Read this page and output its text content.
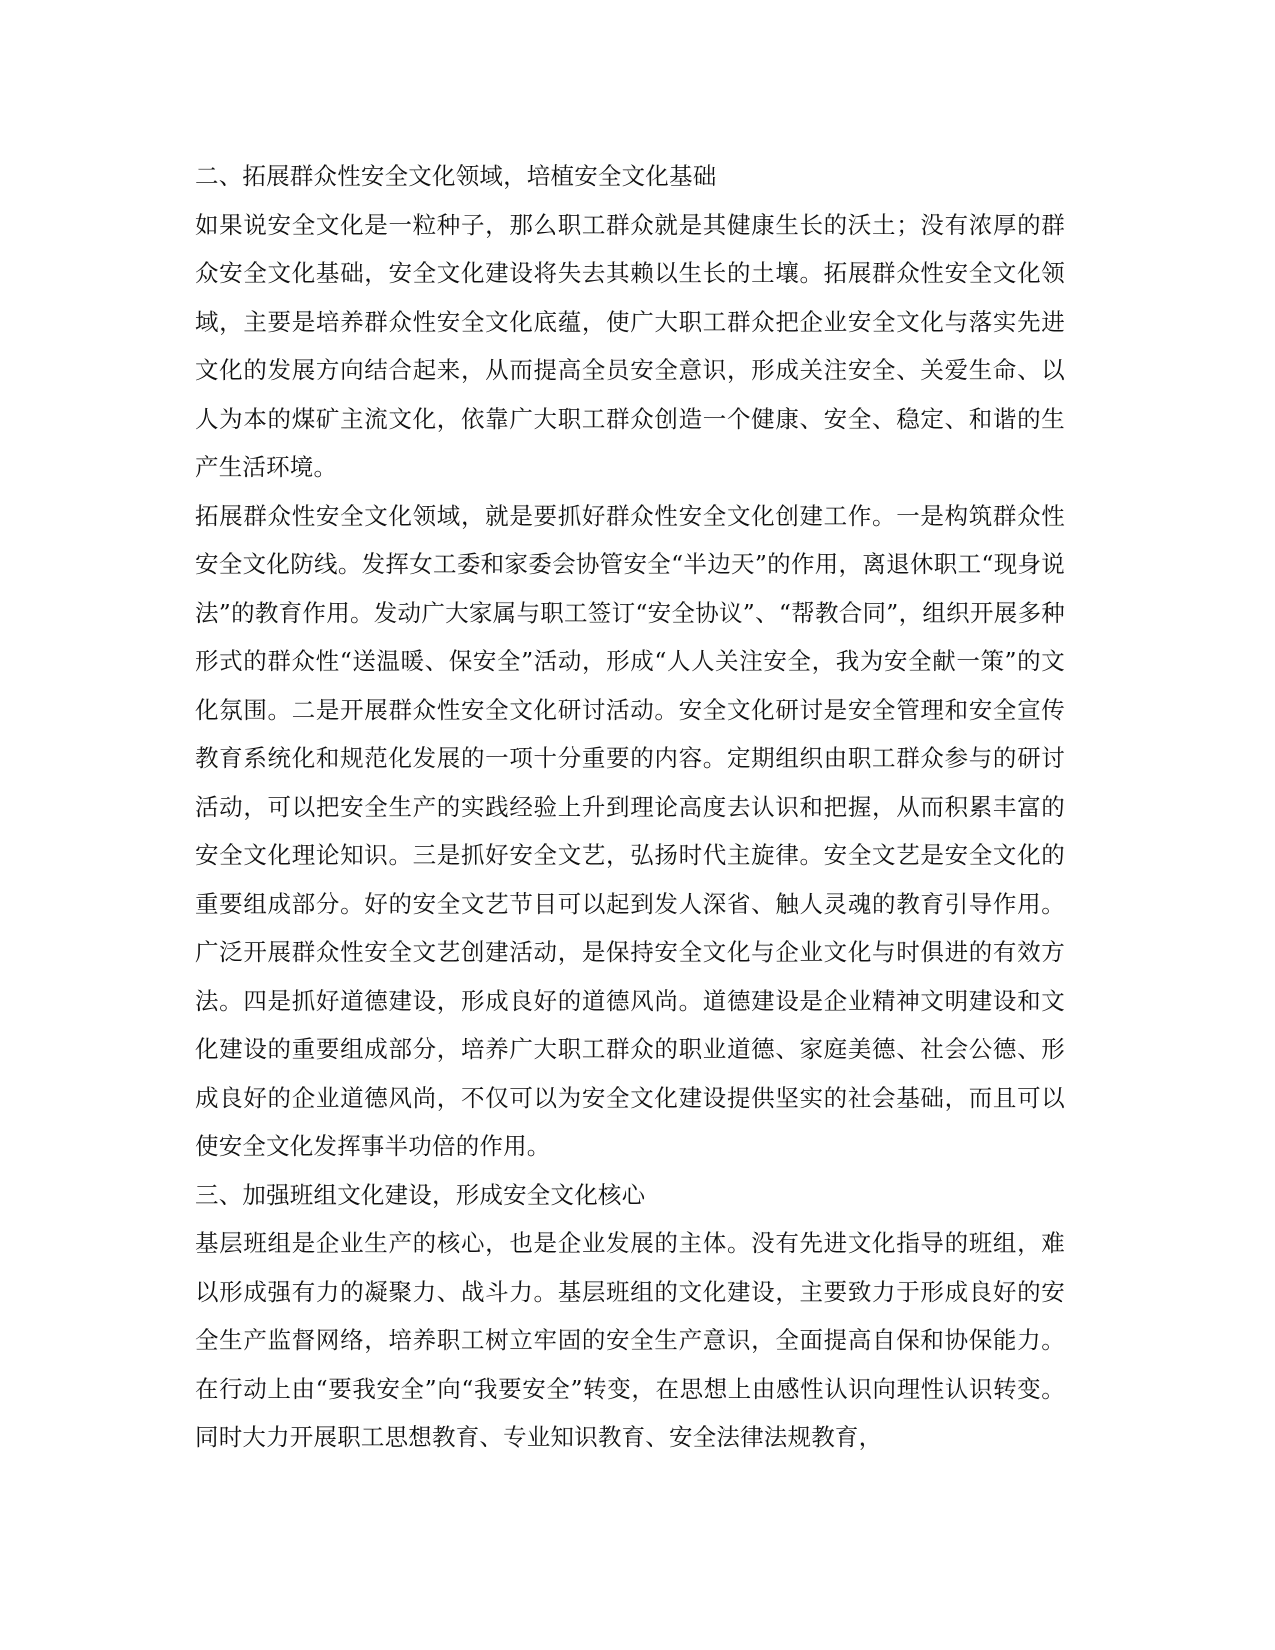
二、拓展群众性安全文化领域，培植安全文化基础

如果说安全文化是一粒种子，那么职工群众就是其健康生长的沃土；没有浓厚的群众安全文化基础，安全文化建设将失去其赖以生长的土壤。拓展群众性安全文化领域，主要是培养群众性安全文化底蕴，使广大职工群众把企业安全文化与落实先进文化的发展方向结合起来，从而提高全员安全意识，形成关注安全、关爱生命、以人为本的煤矿主流文化，依靠广大职工群众创造一个健康、安全、稳定、和谐的生产生活环境。

拓展群众性安全文化领域，就是要抓好群众性安全文化创建工作。一是构筑群众性安全文化防线。发挥女工委和家委会协管安全“半边天”的作用，离退休职工“现身说法”的教育作用。发动广大家属与职工签订“安全协议”、“帮教合同”，组织开展多种形式的群众性“送温暖、保安全”活动，形成“人人关注安全，我为安全献一策”的文化氛围。二是开展群众性安全文化研讨活动。安全文化研讨是安全管理和安全宣传教育系统化和规范化发展的一项十分重要的内容。定期组织由职工群众参与的研讨活动，可以把安全生产的实践经验上升到理论高度去认识和把握，从而积累丰富的安全文化理论知识。三是抓好安全文艺，弘扬时代主旋律。安全文艺是安全文化的重要组成部分。好的安全文艺节目可以起到发人深省、触人灵魂的教育引导作用。广泛开展群众性安全文艺创建活动，是保持安全文化与企业文化与时俱进的有效方法。四是抓好道德建设，形成良好的道德风尚。道德建设是企业精神文明建设和文化建设的重要组成部分，培养广大职工群众的职业道德、家庭美德、社会公德、形成良好的企业道德风尚，不仅可以为安全文化建设提供坚实的社会基础，而且可以使安全文化发挥事半功倍的作用。

三、加强班组文化建设，形成安全文化核心

基层班组是企业生产的核心，也是企业发展的主体。没有先进文化指导的班组，难以形成强有力的凝聚力、战斗力。基层班组的文化建设，主要致力于形成良好的安全生产监督网络，培养职工树立牢固的安全生产意识，全面提高自保和协保能力。在行动上由“要我安全”向“我要安全”转变，在思想上由感性认识向理性认识转变。同时大力开展职工思想教育、专业知识教育、安全法律法规教育，
